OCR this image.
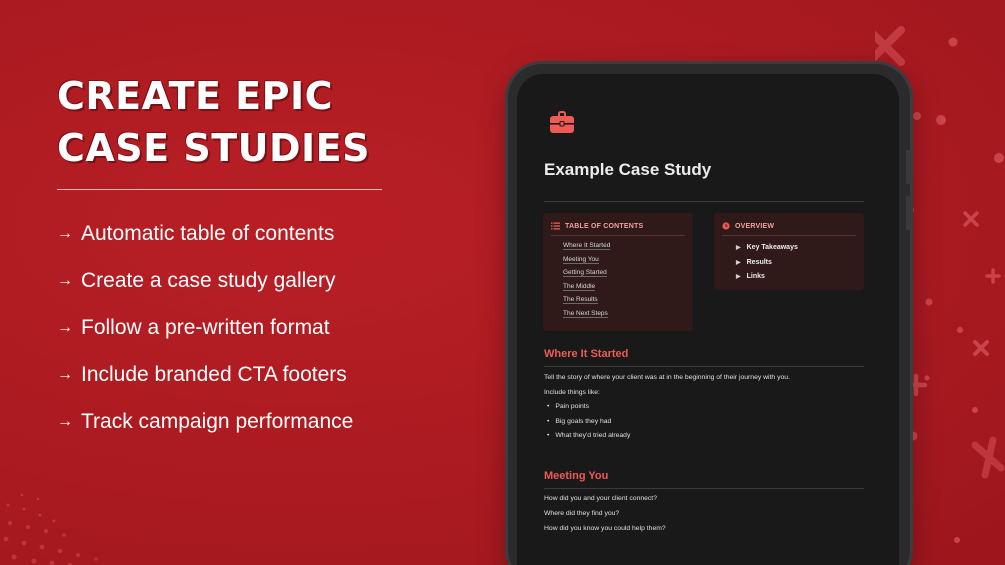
CREATE EPIC
CASE STUDIES
→ Automatic table of contents
→ Create a case study gallery
→ Follow a pre-written format
→ Include branded CTA footers
→ Track campaign performance
Example Case Study
TABLE OF CONTENTS
Where It Started
Meeting You
Getting Started
The Middle
The Results
The Next Steps
OVERVIEW
▶ Key Takeaways
▶ Results
▶ Links
Where It Started
Tell the story of where your client was at in the beginning of their journey with you.
Include things like:
• Pain points
• Big goals they had
• What they'd tried already
Meeting You
How did you and your client connect?
Where did they find you?
How did you know you could help them?
